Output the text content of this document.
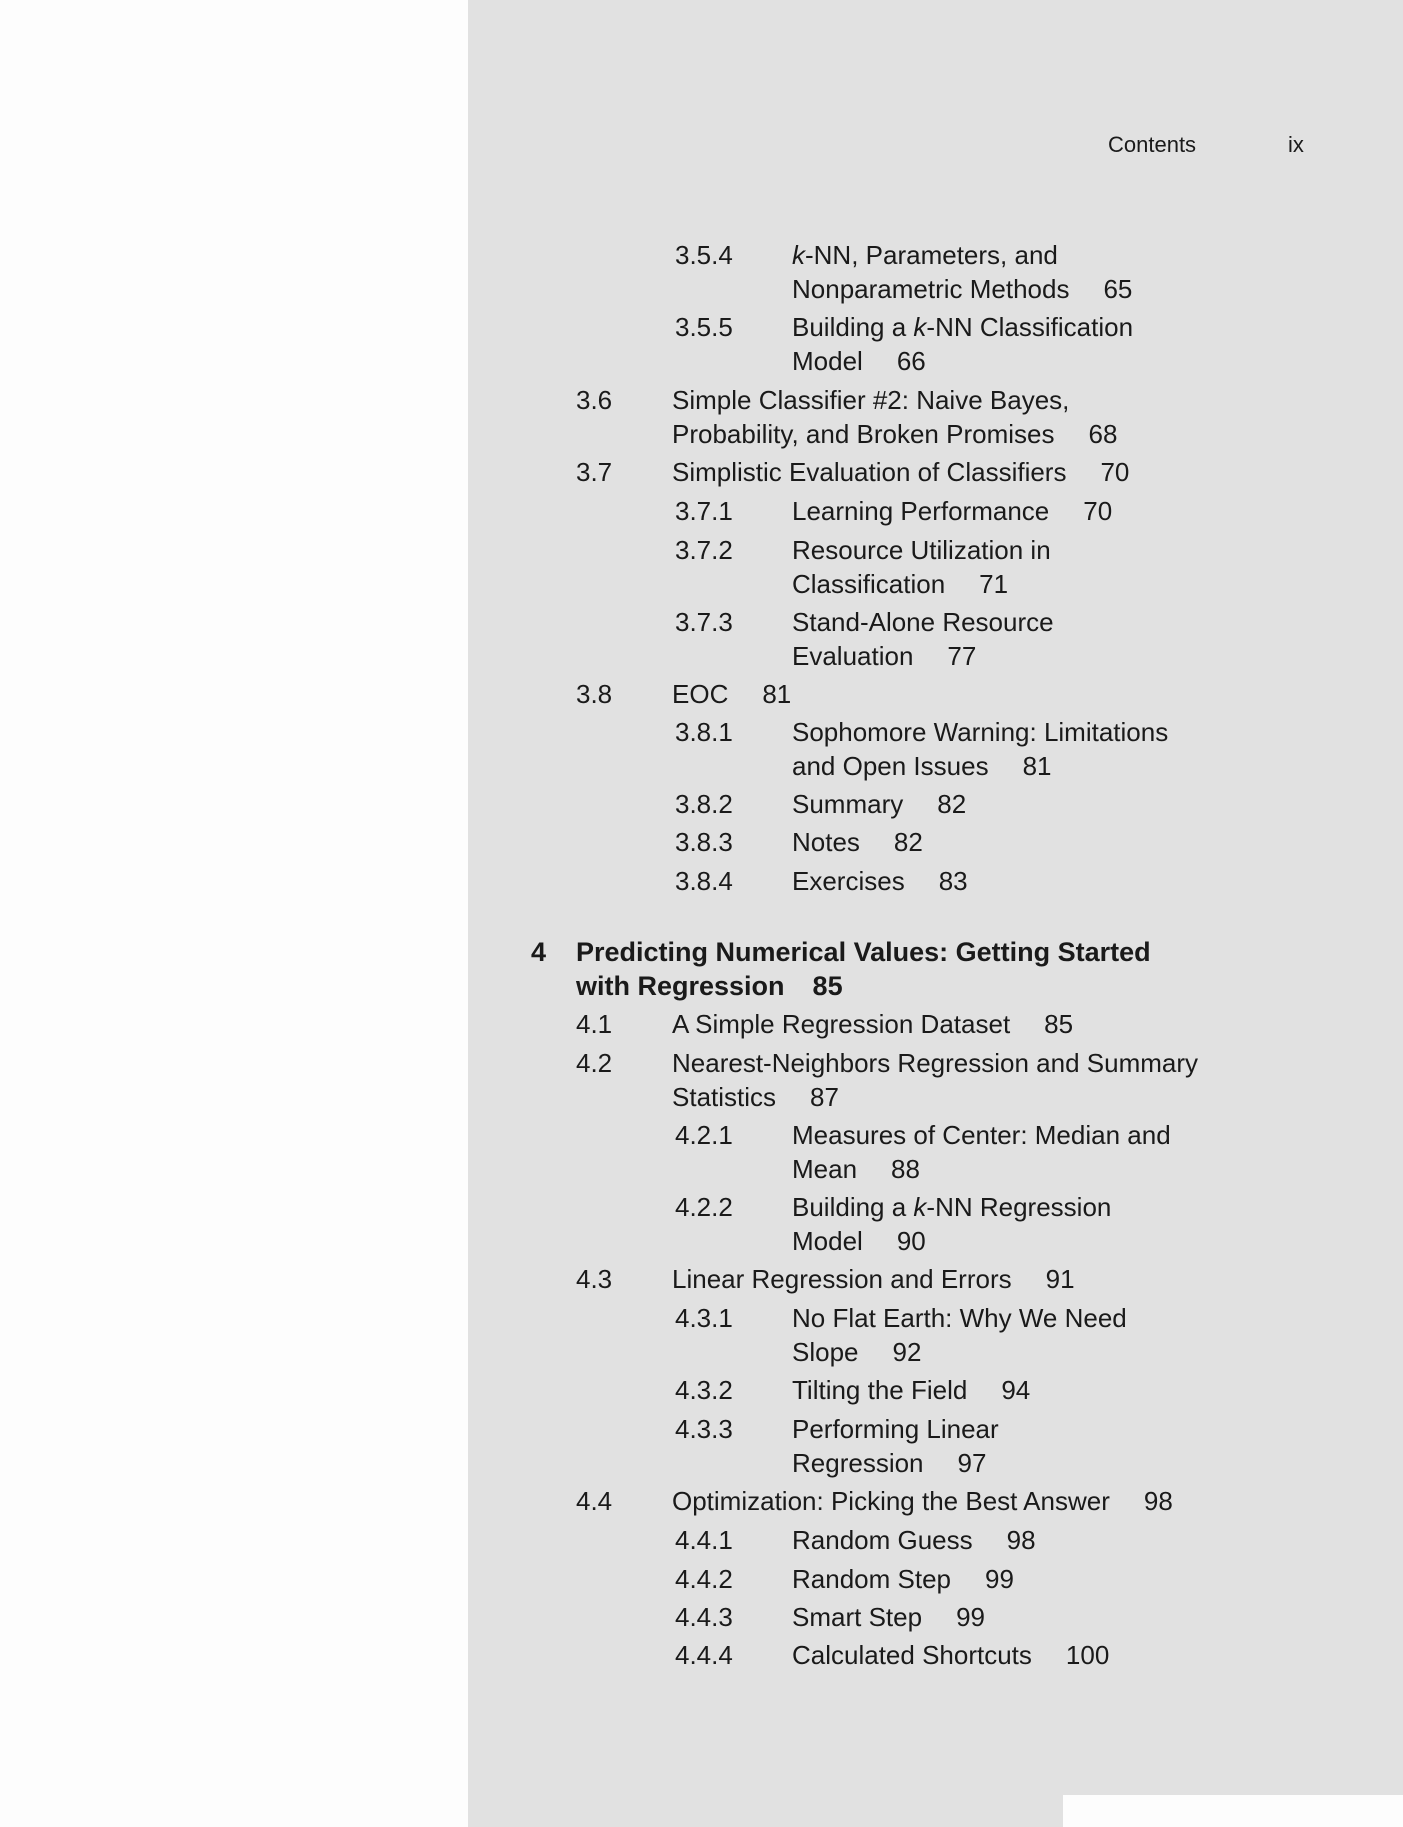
Contents	ix
3.5.4 k-NN, Parameters, and
Nonparametric Methods 65
3.5.5 Building a k-NN Classification
Model 66
3.6 Simple Classifier #2: Naive Bayes,
Probability, and Broken Promises 68
3.7 Simplistic Evaluation of Classifiers 70
3.7.1 Learning Performance 70
3.7.2 Resource Utilization in
Classification 71
3.7.3 Stand-Alone Resource
Evaluation 77
3.8 EOC 81
3.8.1 Sophomore Warning: Limitations
and Open Issues 81
3.8.2 Summary 82
3.8.3 Notes 82
3.8.4 Exercises 83
4 Predicting Numerical Values: Getting Started
with Regression 85
4.1 A Simple Regression Dataset 85
4.2 Nearest-Neighbors Regression and Summary
Statistics 87
4.2.1 Measures of Center: Median and
Mean 88
4.2.2 Building a k-NN Regression
Model 90
4.3 Linear Regression and Errors 91
4.3.1 No Flat Earth: Why We Need
Slope 92
4.3.2 Tilting the Field 94
4.3.3 Performing Linear
Regression 97
4.4 Optimization: Picking the Best Answer 98
4.4.1 Random Guess 98
4.4.2 Random Step 99
4.4.3 Smart Step 99
4.4.4 Calculated Shortcuts 100
